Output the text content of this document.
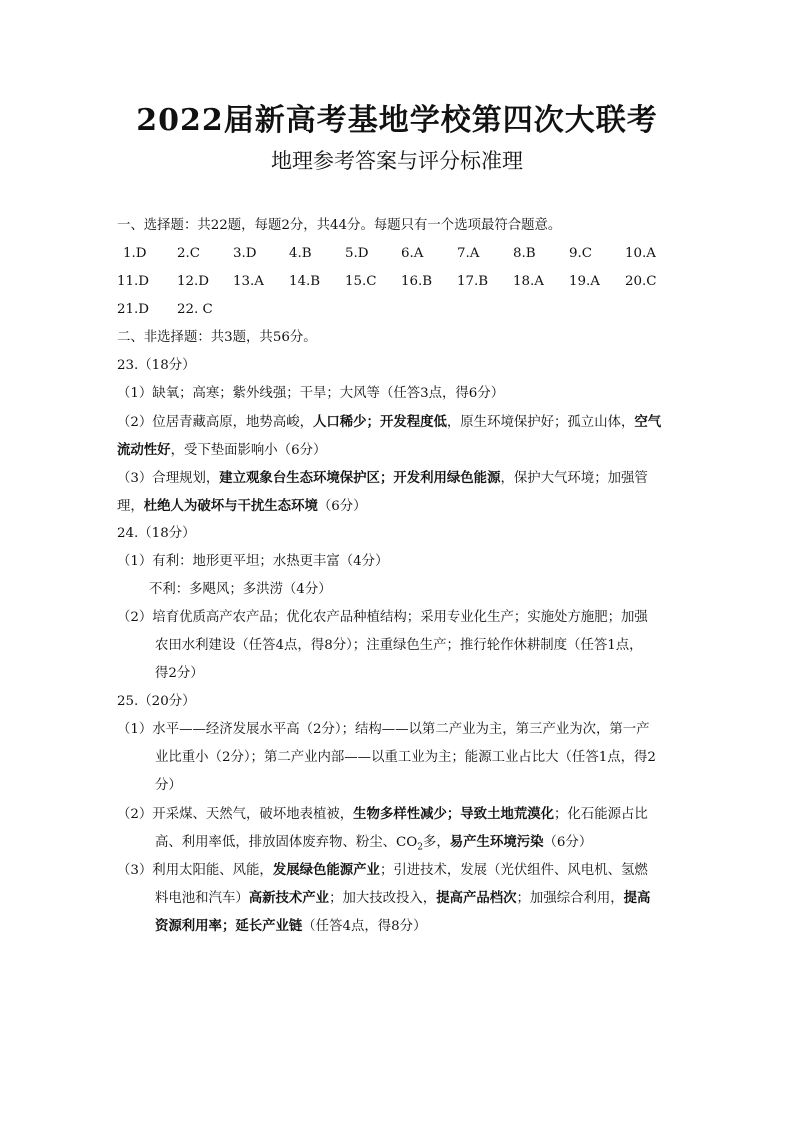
2022届新高考基地学校第四次大联考
地理参考答案与评分标准理
一、选择题：共22题，每题2分，共44分。每题只有一个选项最符合题意。
1.D	2.C	3.D	4.B	5.D	6.A	7.A	8.B	9.C	10.A
11.D	12.D	13.A	14.B	15.C	16.B	17.B	18.A	19.A	20.C
21.D	22. C
二、非选择题：共3题，共56分。
23.（18分）
（1）缺氧；高寒；紫外线强；干旱；大风等（任答3点，得6分）
（2）位居青藏高原，地势高峻，人口稀少；开发程度低，原生环境保护好；孤立山体，空气
流动性好，受下垫面影响小（6分）
（3）合理规划，建立观象台生态环境保护区；开发利用绿色能源，保护大气环境；加强管
理，杜绝人为破坏与干扰生态环境（6分）
24.（18分）
（1）有利：地形更平坦；水热更丰富（4分）
不利：多飓风；多洪涝（4分）
（2）培育优质高产农产品；优化农产品种植结构；采用专业化生产；实施处方施肥；加强
农田水利建设（任答4点，得8分）；注重绿色生产；推行轮作休耕制度（任答1点，
得2分）
25.（20分）
（1）水平——经济发展水平高（2分）；结构——以第二产业为主，第三产业为次，第一产
业比重小（2分）；第二产业内部——以重工业为主；能源工业占比大（任答1点，得2
分）
（2）开采煤、天然气，破坏地表植被，生物多样性减少；导致土地荒漠化；化石能源占比
高、利用率低，排放固体废弃物、粉尘、$CO_2$多，易产生环境污染（6分）
（3）利用太阳能、风能，发展绿色能源产业；引进技术，发展（光伏组件、风电机、氢燃
料电池和汽车）高新技术产业；加大技改投入，提高产品档次；加强综合利用，提高
资源利用率；延长产业链（任答4点，得8分）
